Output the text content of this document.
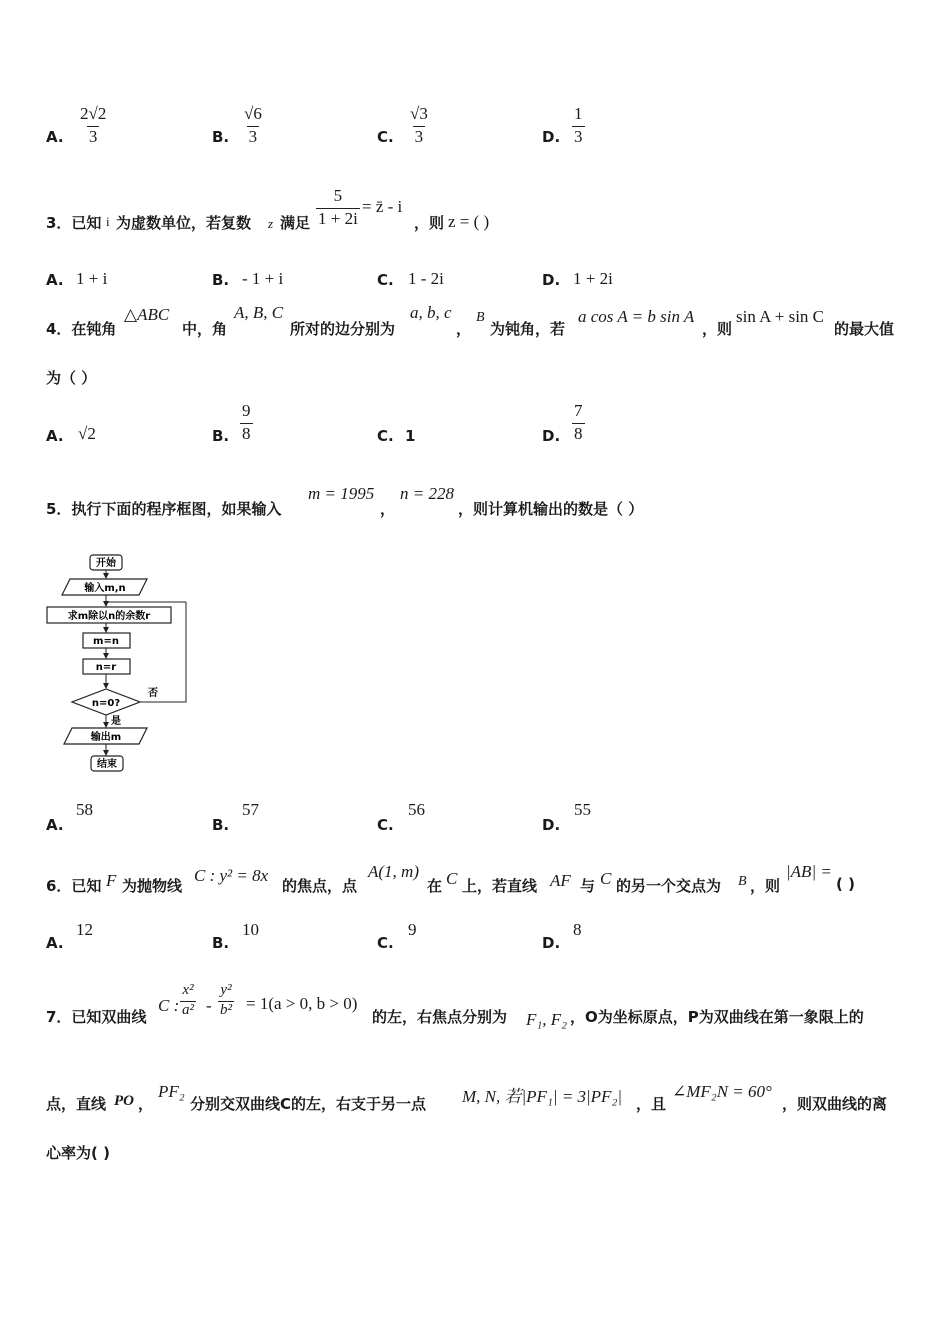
A. $\frac{2√2}{3}$	B. $\frac{√6}{3}$	C. $\frac{√3}{3}$	D. $\frac{1}{3}$
3．已知 i 为虚数单位，若复数 z 满足 $\frac{5}{1 + 2i}$ = z̄ - i
，则 z = ( )
A. 1 + i	B. - 1 + i	C. 1 - 2i	D. 1 + 2i
4．在钝角
△ABC
中，角
A, B, C
所对的边分别为
a, b, c
，
B
为钝角，若
a cos A = b sin A
，则
sin A + sin C
的最大值
为（ ）
A. √2	B. $\frac{9}{8}$	C. 1	D. $\frac{7}{8}$
5．执行下面的程序框图，如果输入
m = 1995
，
n = 228
，则计算机输出的数是（ ）
开始
输入m,n
求m除以n的余数r
m=n
n=r
n=0?
否
是
输出m
结束
A.
58
B.
57
C.
56
D.
55
6．已知 F 为抛物线
C : y² = 8x
的焦点，点
A(1, m)
在 C 上，若直线 AF 与 C 的另一个交点为 B ，则
|AB| =
( )
A.
12
B.
10
C.
9
D.
8
7．已知双曲线
C : $\frac{\text{x²}}{\text{a²}} - \frac{\text{y²}}{\text{b²}} = 1(a > 0$, b > 0)
的左，右焦点分别为 F₁, F₂ ，O为坐标原点，P为双曲线在第一象限上的
点，直线 PO ，
PF₂
分别交双曲线C的左，右支于另一点 M, N, 若|PF₁| = 3|PF₂| ，且
∠MF₂N = 60°
，则双曲线的离
心率为( )
